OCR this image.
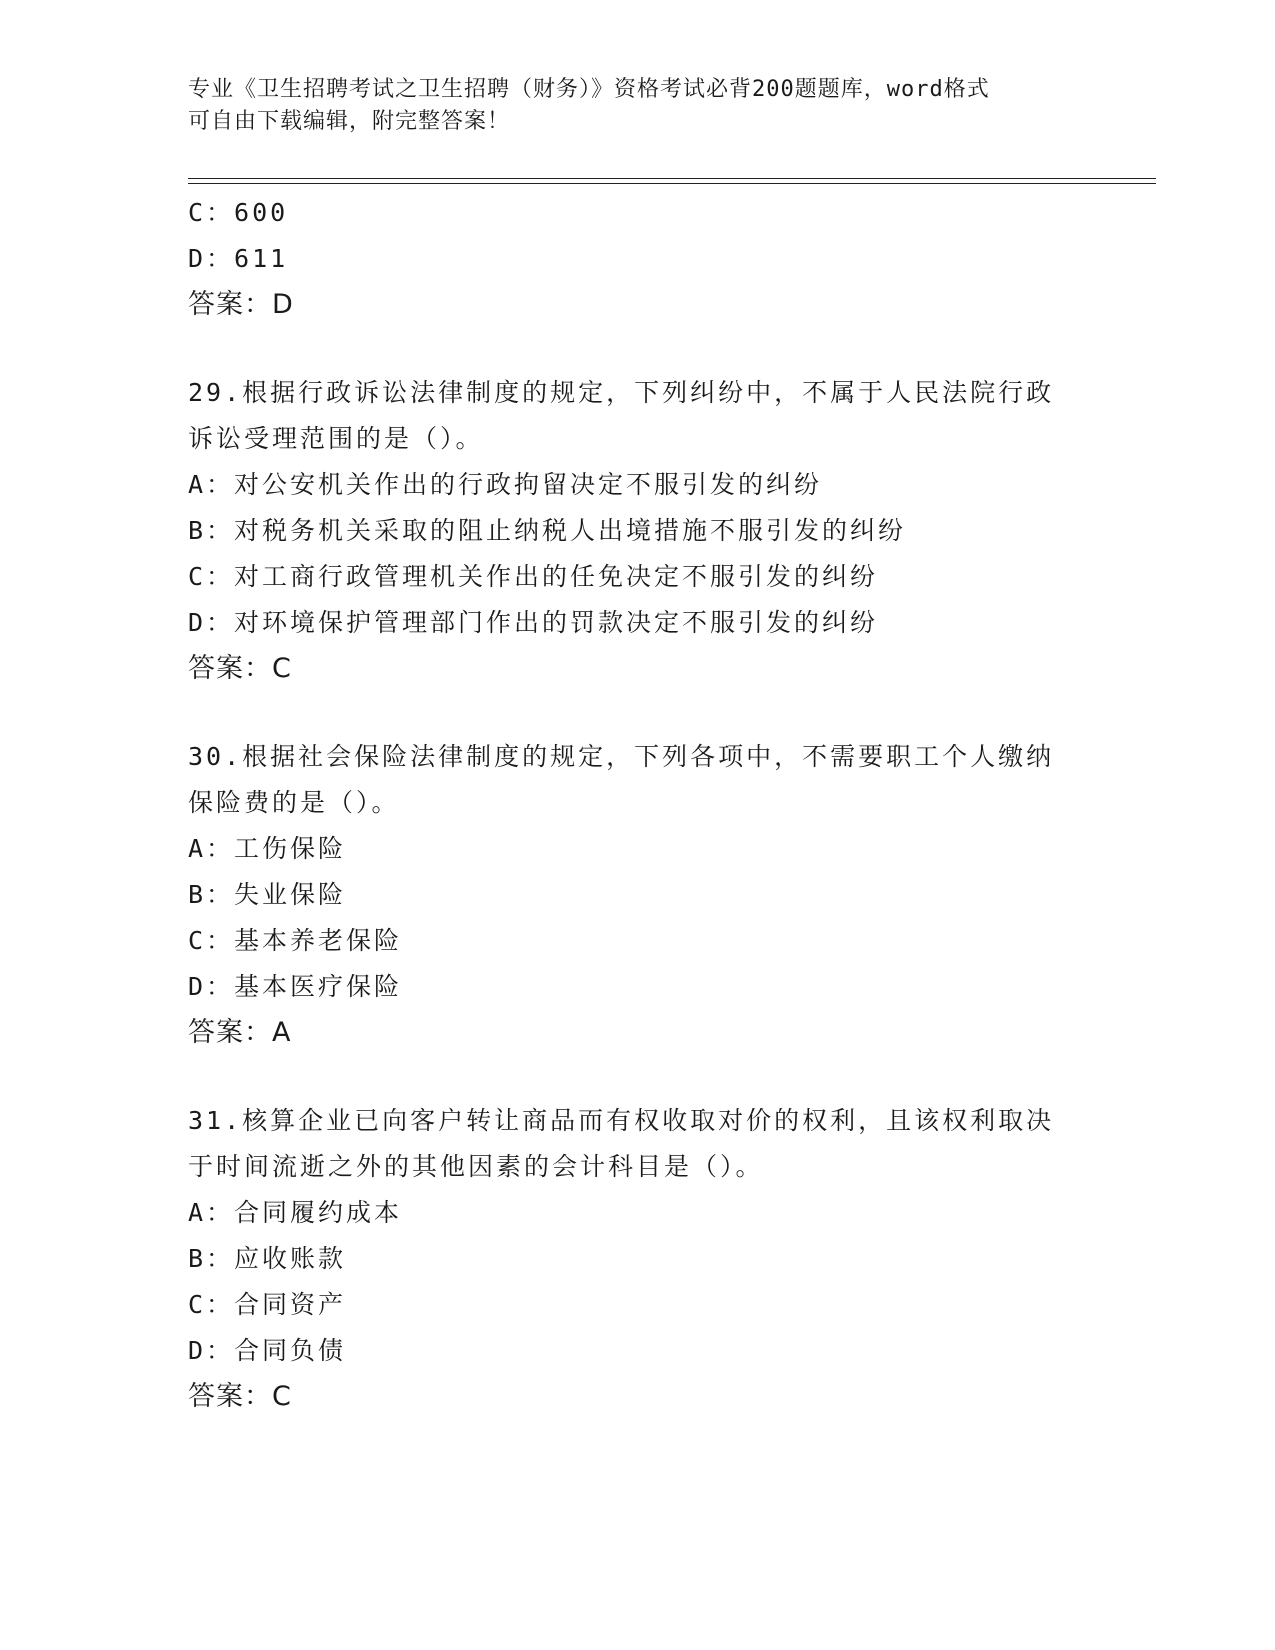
专业《卫生招聘考试之卫生招聘（财务）》资格考试必背200题题库，word格式
可自由下载编辑，附完整答案！
C：600
D：611
答案：D
29.根据行政诉讼法律制度的规定，下列纠纷中，不属于人民法院行政
诉讼受理范围的是（）。
A：对公安机关作出的行政拘留决定不服引发的纠纷
B：对税务机关采取的阻止纳税人出境措施不服引发的纠纷
C：对工商行政管理机关作出的任免决定不服引发的纠纷
D：对环境保护管理部门作出的罚款决定不服引发的纠纷
答案：C
30.根据社会保险法律制度的规定，下列各项中，不需要职工个人缴纳
保险费的是（）。
A：工伤保险
B：失业保险
C：基本养老保险
D：基本医疗保险
答案：A
31.核算企业已向客户转让商品而有权收取对价的权利，且该权利取决
于时间流逝之外的其他因素的会计科目是（）。
A：合同履约成本
B：应收账款
C：合同资产
D：合同负债
答案：C
